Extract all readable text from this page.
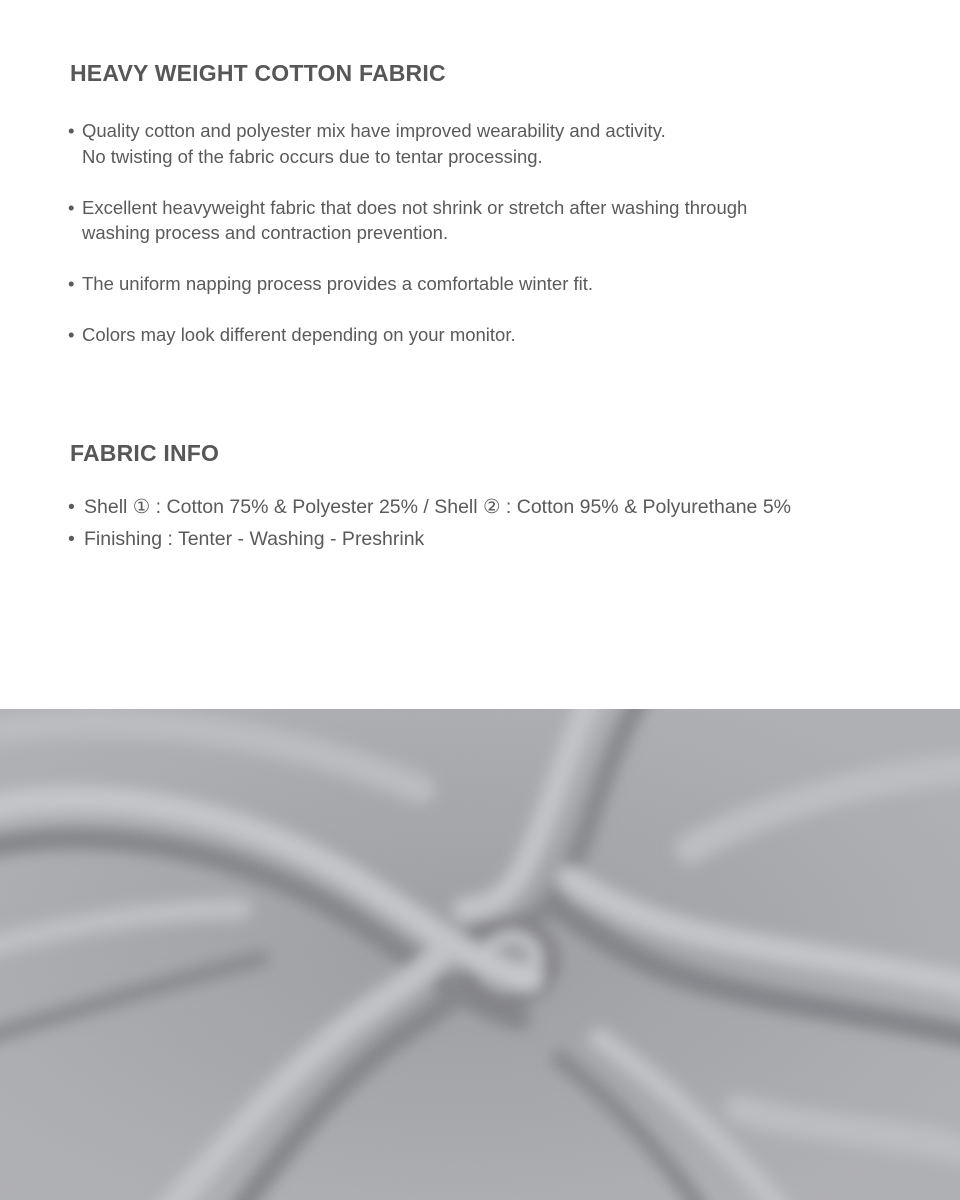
HEAVY WEIGHT COTTON FABRIC
• Quality cotton and polyester mix have improved wearability and activity.
No twisting of the fabric occurs due to tentar processing.
• Excellent heavyweight fabric that does not shrink or stretch after washing through
washing process and contraction prevention.
• The uniform napping process provides a comfortable winter fit.
• Colors may look different depending on your monitor.
FABRIC INFO
• Shell ① : Cotton 75% & Polyester 25% / Shell ② : Cotton 95% & Polyurethane 5%
• Finishing : Tenter - Washing - Preshrink
